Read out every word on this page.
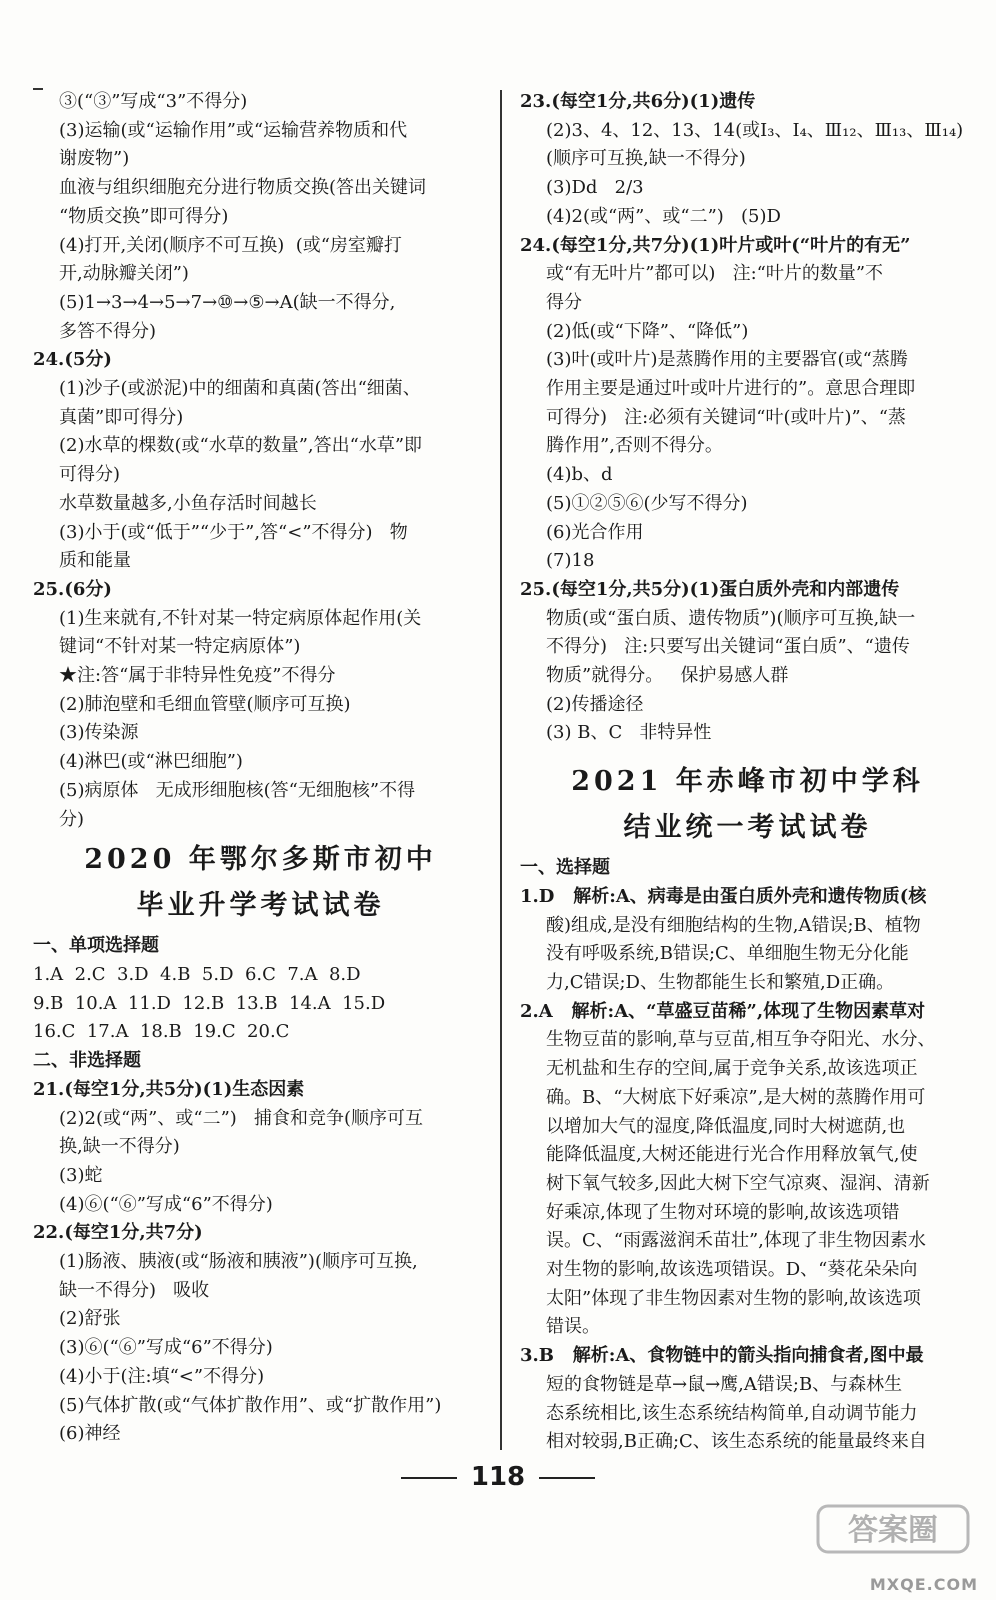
③(“③”写成“3”不得分)

(3)运输(或“运输作用”或“运输营养物质和代

谢废物”)

血液与组织细胞充分进行物质交换(答出关键词

“物质交换”即可得分)

(4)打开,关闭(顺序不可互换)  (或“房室瓣打

开,动脉瓣关闭”)

(5)1→3→4→5→7→⑩→⑤→A(缺一不得分,

多答不得分)

24.(5分)

(1)沙子(或淤泥)中的细菌和真菌(答出“细菌、

真菌”即可得分)

(2)水草的棵数(或“水草的数量”,答出“水草”即

可得分)

水草数量越多,小鱼存活时间越长

(3)小于(或“低于”“少于”,答“<”不得分)   物

质和能量

25.(6分)

(1)生来就有,不针对某一特定病原体起作用(关

键词“不针对某一特定病原体”)

★注:答“属于非特异性免疫”不得分

(2)肺泡壁和毛细血管壁(顺序可互换)

(3)传染源

(4)淋巴(或“淋巴细胞”)

(5)病原体   无成形细胞核(答“无细胞核”不得

分)

2020 年鄂尔多斯市初中
毕业升学考试试卷

一、单项选择题

1.A  2.C  3.D  4.B  5.D  6.C  7.A  8.D

9.B  10.A  11.D  12.B  13.B  14.A  15.D

16.C  17.A  18.B  19.C  20.C

二、非选择题

21.(每空1分,共5分)(1)生态因素

(2)2(或“两”、或“二”)   捕食和竞争(顺序可互

换,缺一不得分)

(3)蛇

(4)⑥(“⑥”写成“6”不得分)

22.(每空1分,共7分)

(1)肠液、胰液(或“肠液和胰液”)(顺序可互换,

缺一不得分)   吸收

(2)舒张

(3)⑥(“⑥”写成“6”不得分)

(4)小于(注:填“<”不得分)

(5)气体扩散(或“气体扩散作用”、或“扩散作用”)

(6)神经

23.(每空1分,共6分)(1)遗传

(2)3、4、12、13、14(或Ⅰ₃、Ⅰ₄、Ⅲ₁₂、Ⅲ₁₃、Ⅲ₁₄)

(顺序可互换,缺一不得分)

(3)Dd   2/3

(4)2(或“两”、或“二”)   (5)D

24.(每空1分,共7分)(1)叶片或叶(“叶片的有无”

或“有无叶片”都可以)   注:“叶片的数量”不

得分

(2)低(或“下降”、“降低”)

(3)叶(或叶片)是蒸腾作用的主要器官(或“蒸腾

作用主要是通过叶或叶片进行的”。意思合理即

可得分)   注:必须有关键词“叶(或叶片)”、“蒸

腾作用”,否则不得分。

(4)b、d

(5)①②⑤⑥(少写不得分)

(6)光合作用

(7)18

25.(每空1分,共5分)(1)蛋白质外壳和内部遗传

物质(或“蛋白质、遗传物质”)(顺序可互换,缺一

不得分)   注:只要写出关键词“蛋白质”、“遗传

物质”就得分。   保护易感人群

(2)传播途径

(3) B、C   非特异性

2021 年赤峰市初中学科
结业统一考试试卷

一、选择题

1.D   解析:A、病毒是由蛋白质外壳和遗传物质(核

酸)组成,是没有细胞结构的生物,A错误;B、植物

没有呼吸系统,B错误;C、单细胞生物无分化能

力,C错误;D、生物都能生长和繁殖,D正确。

2.A   解析:A、“草盛豆苗稀”,体现了生物因素草对

生物豆苗的影响,草与豆苗,相互争夺阳光、水分、

无机盐和生存的空间,属于竞争关系,故该选项正

确。B、“大树底下好乘凉”,是大树的蒸腾作用可

以增加大气的湿度,降低温度,同时大树遮荫,也

能降低温度,大树还能进行光合作用释放氧气,使

树下氧气较多,因此大树下空气凉爽、湿润、清新

好乘凉,体现了生物对环境的影响,故该选项错

误。C、“雨露滋润禾苗壮”,体现了非生物因素水

对生物的影响,故该选项错误。D、“葵花朵朵向

太阳”体现了非生物因素对生物的影响,故该选项

错误。

3.B   解析:A、食物链中的箭头指向捕食者,图中最

短的食物链是草→鼠→鹰,A错误;B、与森林生

态系统相比,该生态系统结构简单,自动调节能力

相对较弱,B正确;C、该生态系统的能量最终来自

118
答案圈
MXQE.COM
